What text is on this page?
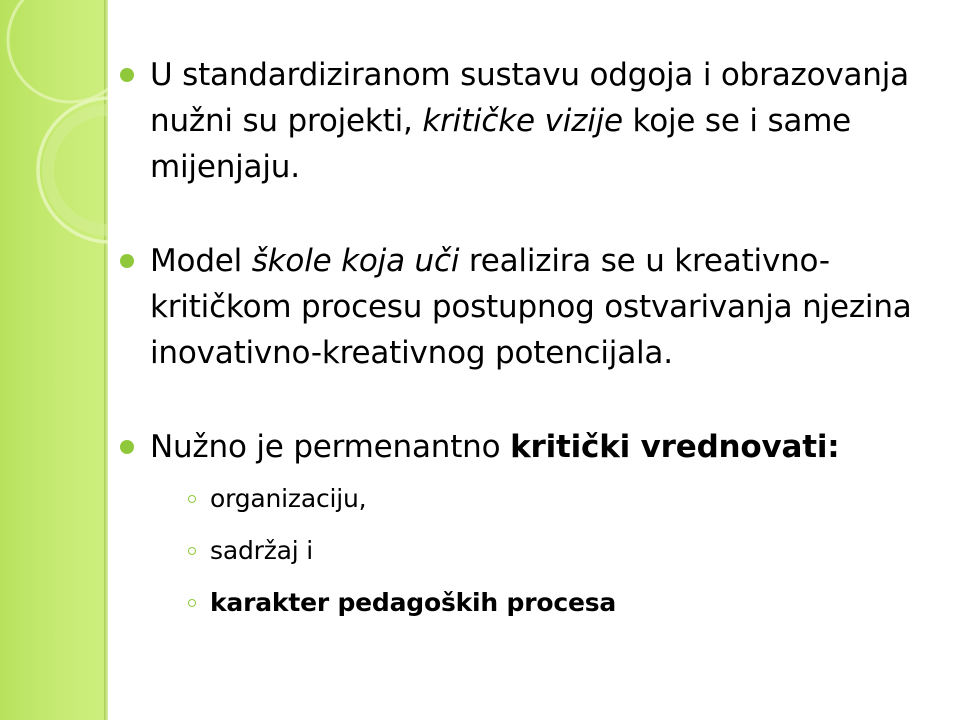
U standardiziranom sustavu odgoja i obrazovanja nužni su projekti, kritičke vizije koje se i same mijenjaju.
Model škole koja uči realizira se u kreativno-kritičkom procesu postupnog ostvarivanja njezina inovativno-kreativnog potencijala.
Nužno je permenantno kritički vrednovati:
organizaciju,
sadržaj i
karakter pedagoških procesa
